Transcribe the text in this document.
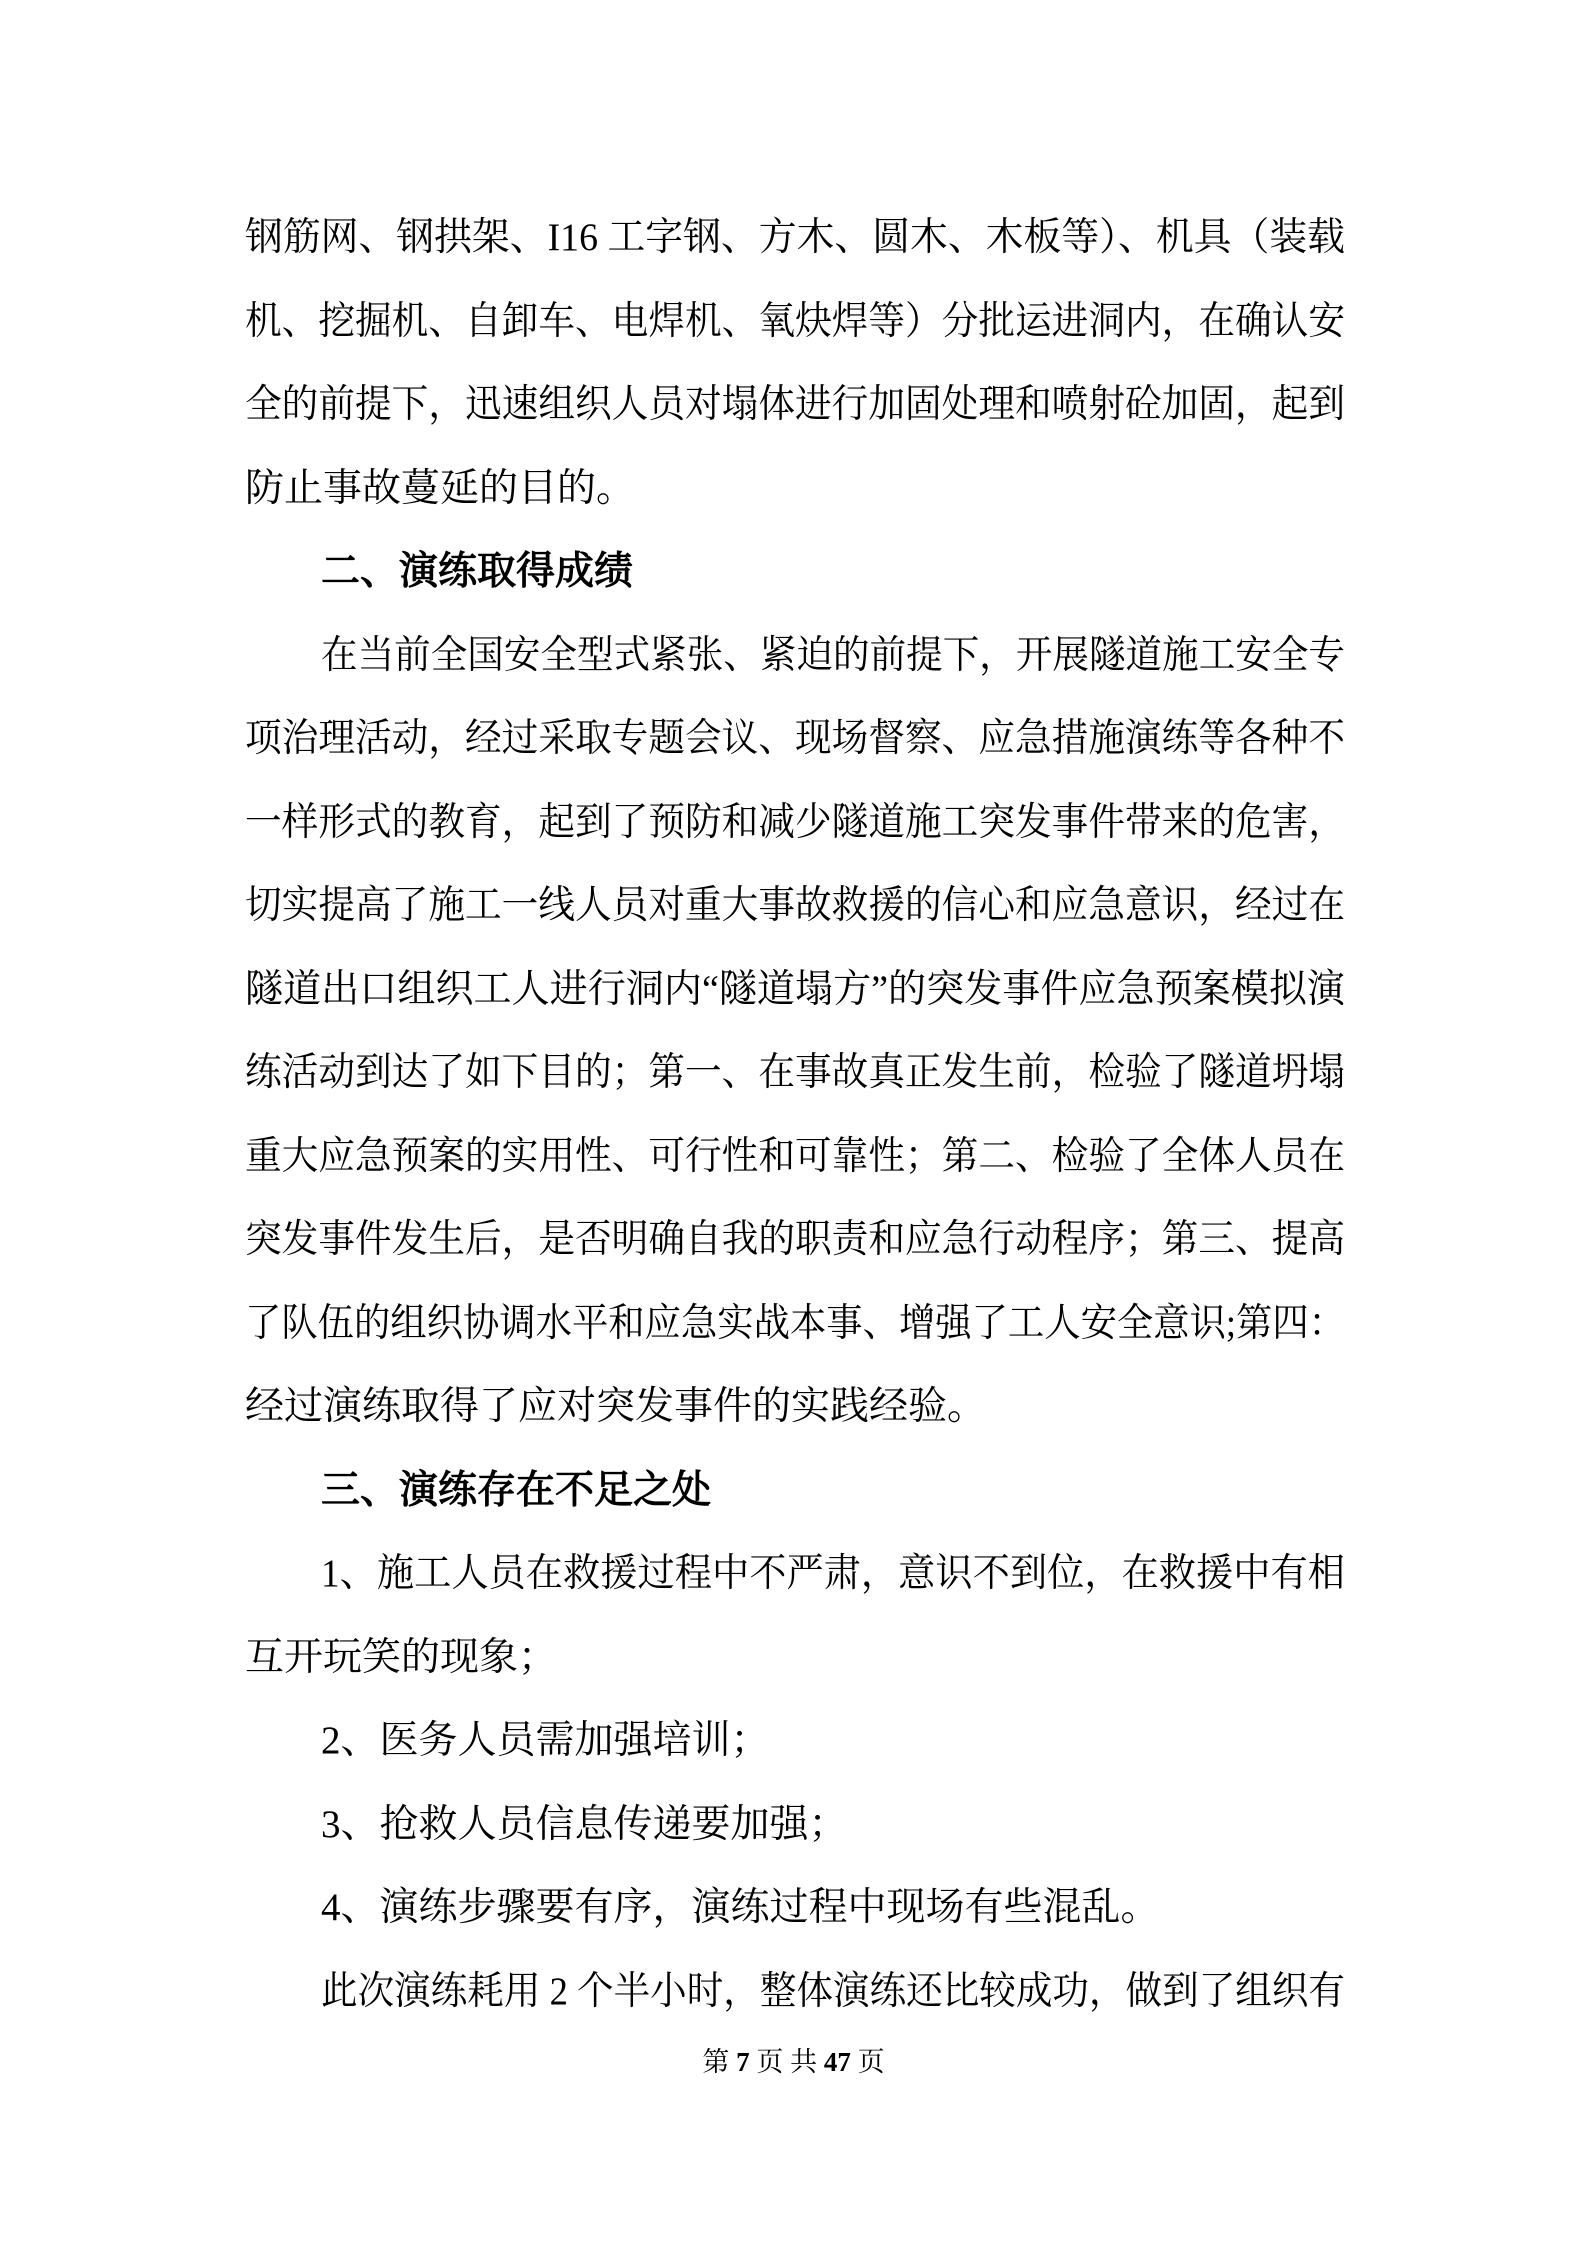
钢筋网、钢拱架、I16 工字钢、方木、圆木、木板等）、机具（装载
机、挖掘机、自卸车、电焊机、氧炔焊等）分批运进洞内，在确认安
全的前提下，迅速组织人员对塌体进行加固处理和喷射砼加固，起到
防止事故蔓延的目的。
二、演练取得成绩
在当前全国安全型式紧张、紧迫的前提下，开展隧道施工安全专
项治理活动，经过采取专题会议、现场督察、应急措施演练等各种不
一样形式的教育，起到了预防和减少隧道施工突发事件带来的危害，
切实提高了施工一线人员对重大事故救援的信心和应急意识，经过在
隧道出口组织工人进行洞内“隧道塌方”的突发事件应急预案模拟演
练活动到达了如下目的；第一、在事故真正发生前，检验了隧道坍塌
重大应急预案的实用性、可行性和可靠性；第二、检验了全体人员在
突发事件发生后，是否明确自我的职责和应急行动程序；第三、提高
了队伍的组织协调水平和应急实战本事、增强了工人安全意识;第四：
经过演练取得了应对突发事件的实践经验。
三、演练存在不足之处
1、施工人员在救援过程中不严肃，意识不到位，在救援中有相
互开玩笑的现象；
2、医务人员需加强培训；
3、抢救人员信息传递要加强；
4、演练步骤要有序，演练过程中现场有些混乱。
此次演练耗用 2 个半小时，整体演练还比较成功，做到了组织有
第 7 页 共 47 页
